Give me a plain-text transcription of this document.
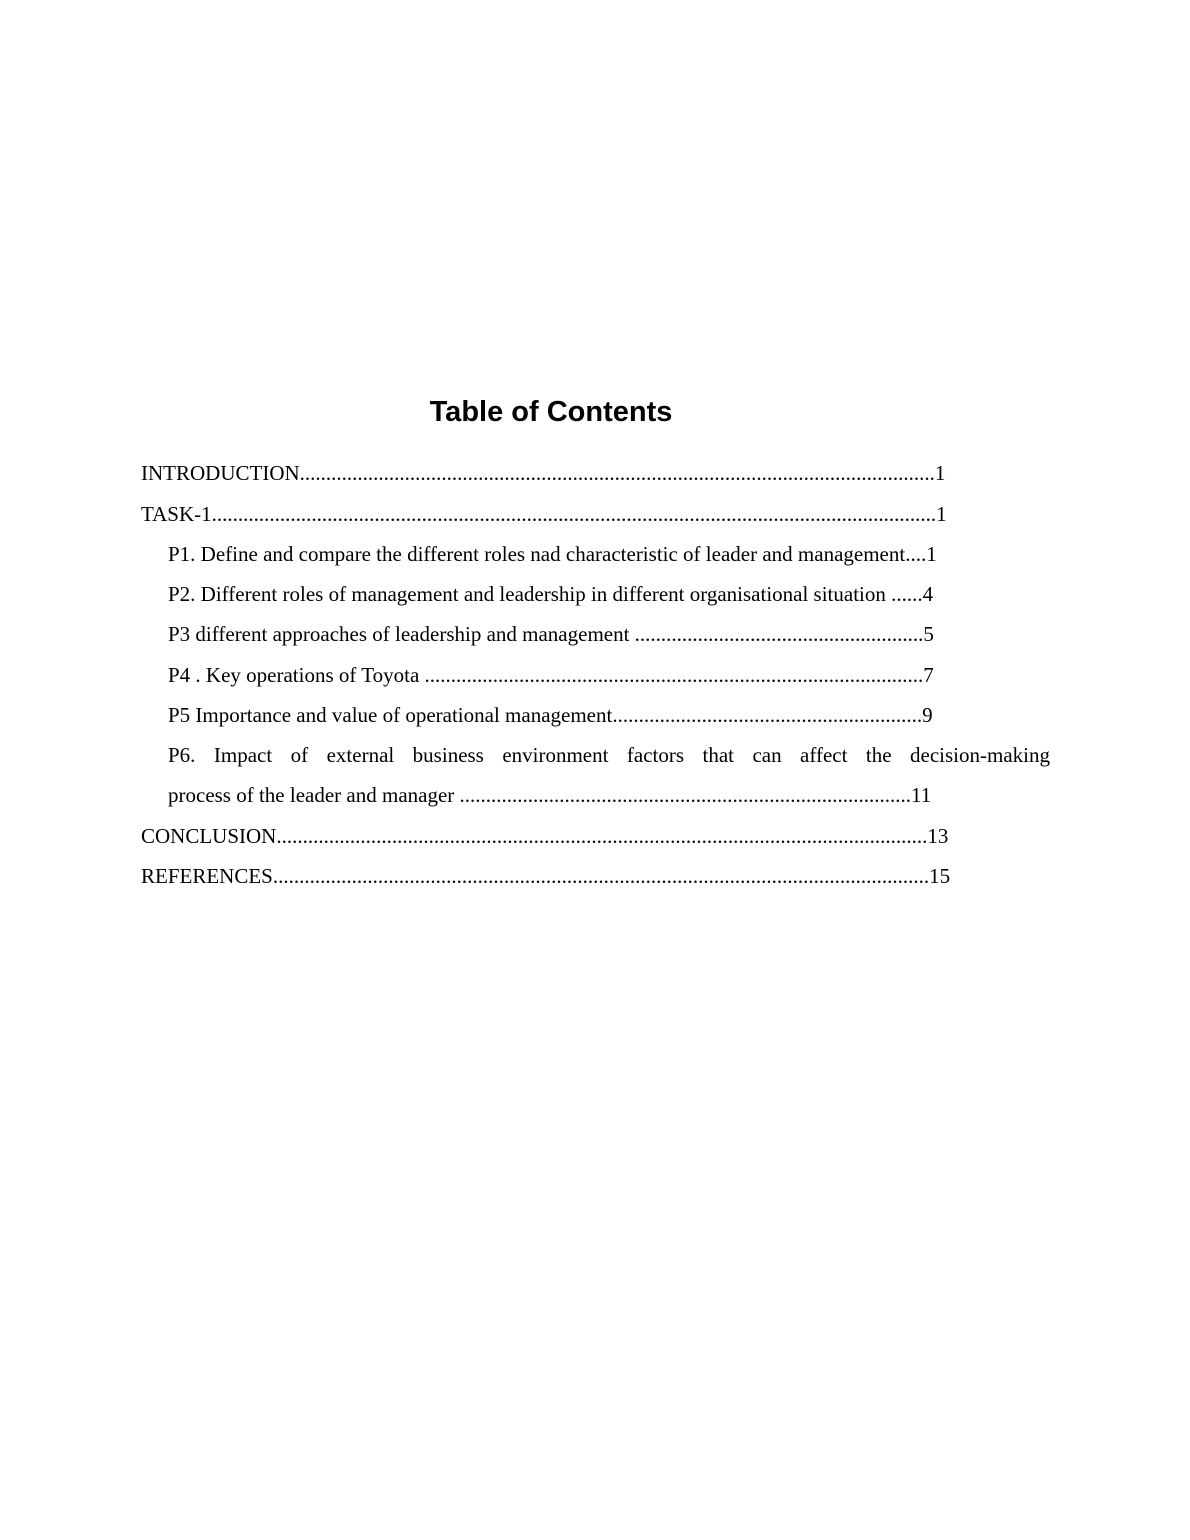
Table of Contents
INTRODUCTION.........................................................................................................................1
TASK-1..........................................................................................................................................1
P1. Define and compare the different roles nad characteristic of leader and management....1
P2. Different roles of management and leadership in different organisational situation ......4
P3 different approaches of leadership and management .......................................................5
P4 . Key operations of Toyota ...............................................................................................7
P5 Importance and value of operational management...........................................................9
P6. Impact of external business environment factors that can affect the decision-making
process of the leader and manager ......................................................................................11
CONCLUSION............................................................................................................................13
REFERENCES.............................................................................................................................15
